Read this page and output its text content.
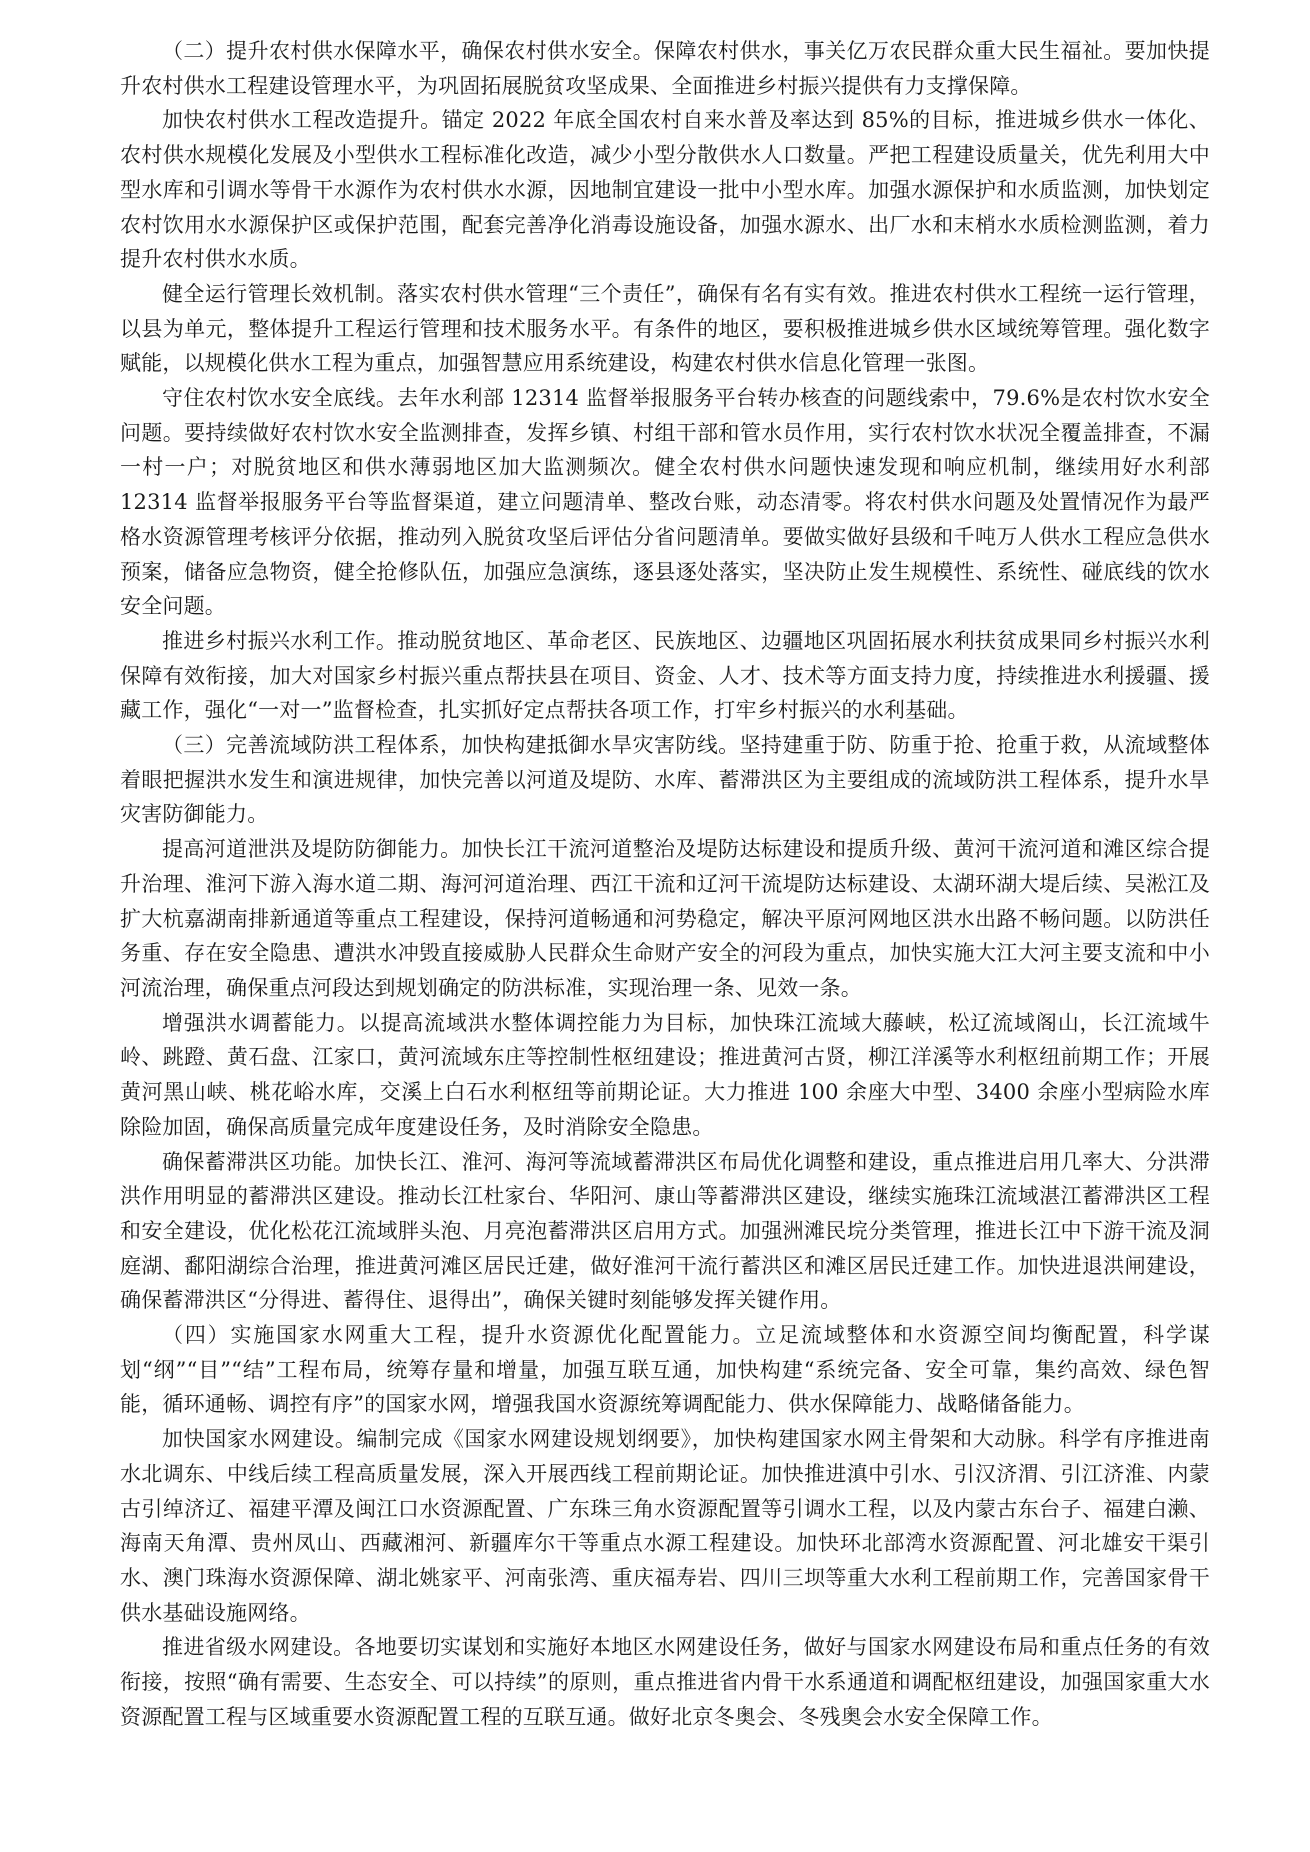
（二）提升农村供水保障水平，确保农村供水安全。保障农村供水，事关亿万农民群众重大民生福祉。要加快提升农村供水工程建设管理水平，为巩固拓展脱贫攻坚成果、全面推进乡村振兴提供有力支撑保障。

加快农村供水工程改造提升。锚定 2022 年底全国农村自来水普及率达到 85%的目标，推进城乡供水一体化、农村供水规模化发展及小型供水工程标准化改造，减少小型分散供水人口数量。严把工程建设质量关，优先利用大中型水库和引调水等骨干水源作为农村供水水源，因地制宜建设一批中小型水库。加强水源保护和水质监测，加快划定农村饮用水水源保护区或保护范围，配套完善净化消毒设施设备，加强水源水、出厂水和末梢水水质检测监测，着力提升农村供水水质。

健全运行管理长效机制。落实农村供水管理“三个责任”，确保有名有实有效。推进农村供水工程统一运行管理，以县为单元，整体提升工程运行管理和技术服务水平。有条件的地区，要积极推进城乡供水区域统筹管理。强化数字赋能，以规模化供水工程为重点，加强智慧应用系统建设，构建农村供水信息化管理一张图。

守住农村饮水安全底线。去年水利部 12314 监督举报服务平台转办核查的问题线索中，79.6%是农村饮水安全问题。要持续做好农村饮水安全监测排查，发挥乡镇、村组干部和管水员作用，实行农村饮水状况全覆盖排查，不漏一村一户；对脱贫地区和供水薄弱地区加大监测频次。健全农村供水问题快速发现和响应机制，继续用好水利部 12314 监督举报服务平台等监督渠道，建立问题清单、整改台账，动态清零。将农村供水问题及处置情况作为最严格水资源管理考核评分依据，推动列入脱贫攻坚后评估分省问题清单。要做实做好县级和千吨万人供水工程应急供水预案，储备应急物资，健全抢修队伍，加强应急演练，逐县逐处落实，坚决防止发生规模性、系统性、碰底线的饮水安全问题。

推进乡村振兴水利工作。推动脱贫地区、革命老区、民族地区、边疆地区巩固拓展水利扶贫成果同乡村振兴水利保障有效衔接，加大对国家乡村振兴重点帮扶县在项目、资金、人才、技术等方面支持力度，持续推进水利援疆、援藏工作，强化“一对一”监督检查，扎实抓好定点帮扶各项工作，打牢乡村振兴的水利基础。

（三）完善流域防洪工程体系，加快构建抵御水旱灾害防线。坚持建重于防、防重于抢、抢重于救，从流域整体着眼把握洪水发生和演进规律，加快完善以河道及堤防、水库、蓄滞洪区为主要组成的流域防洪工程体系，提升水旱灾害防御能力。

提高河道泄洪及堤防防御能力。加快长江干流河道整治及堤防达标建设和提质升级、黄河干流河道和滩区综合提升治理、淮河下游入海水道二期、海河河道治理、西江干流和辽河干流堤防达标建设、太湖环湖大堤后续、吴淞江及扩大杭嘉湖南排新通道等重点工程建设，保持河道畅通和河势稳定，解决平原河网地区洪水出路不畅问题。以防洪任务重、存在安全隐患、遭洪水冲毁直接威胁人民群众生命财产安全的河段为重点，加快实施大江大河主要支流和中小河流治理，确保重点河段达到规划确定的防洪标准，实现治理一条、见效一条。

增强洪水调蓄能力。以提高流域洪水整体调控能力为目标，加快珠江流域大藤峡，松辽流域阁山，长江流域牛岭、跳蹬、黄石盘、江家口，黄河流域东庄等控制性枢纽建设；推进黄河古贤，柳江洋溪等水利枢纽前期工作；开展黄河黑山峡、桃花峪水库，交溪上白石水利枢纽等前期论证。大力推进 100 余座大中型、3400 余座小型病险水库除险加固，确保高质量完成年度建设任务，及时消除安全隐患。

确保蓄滞洪区功能。加快长江、淮河、海河等流域蓄滞洪区布局优化调整和建设，重点推进启用几率大、分洪滞洪作用明显的蓄滞洪区建设。推动长江杜家台、华阳河、康山等蓄滞洪区建设，继续实施珠江流域湛江蓄滞洪区工程和安全建设，优化松花江流域胖头泡、月亮泡蓄滞洪区启用方式。加强洲滩民垸分类管理，推进长江中下游干流及洞庭湖、鄱阳湖综合治理，推进黄河滩区居民迁建，做好淮河干流行蓄洪区和滩区居民迁建工作。加快进退洪闸建设，确保蓄滞洪区“分得进、蓄得住、退得出”，确保关键时刻能够发挥关键作用。

（四）实施国家水网重大工程，提升水资源优化配置能力。立足流域整体和水资源空间均衡配置，科学谋划“纲”“目”“结”工程布局，统筹存量和增量，加强互联互通，加快构建“系统完备、安全可靠，集约高效、绿色智能，循环通畅、调控有序”的国家水网，增强我国水资源统筹调配能力、供水保障能力、战略储备能力。

加快国家水网建设。编制完成《国家水网建设规划纲要》，加快构建国家水网主骨架和大动脉。科学有序推进南水北调东、中线后续工程高质量发展，深入开展西线工程前期论证。加快推进滇中引水、引汉济渭、引江济淮、内蒙古引绰济辽、福建平潭及闽江口水资源配置、广东珠三角水资源配置等引调水工程，以及内蒙古东台子、福建白濑、海南天角潭、贵州凤山、西藏湘河、新疆库尔干等重点水源工程建设。加快环北部湾水资源配置、河北雄安干渠引水、澳门珠海水资源保障、湖北姚家平、河南张湾、重庆福寿岩、四川三坝等重大水利工程前期工作，完善国家骨干供水基础设施网络。

推进省级水网建设。各地要切实谋划和实施好本地区水网建设任务，做好与国家水网建设布局和重点任务的有效衔接，按照“确有需要、生态安全、可以持续”的原则，重点推进省内骨干水系通道和调配枢纽建设，加强国家重大水资源配置工程与区域重要水资源配置工程的互联互通。做好北京冬奥会、冬残奥会水安全保障工作。
